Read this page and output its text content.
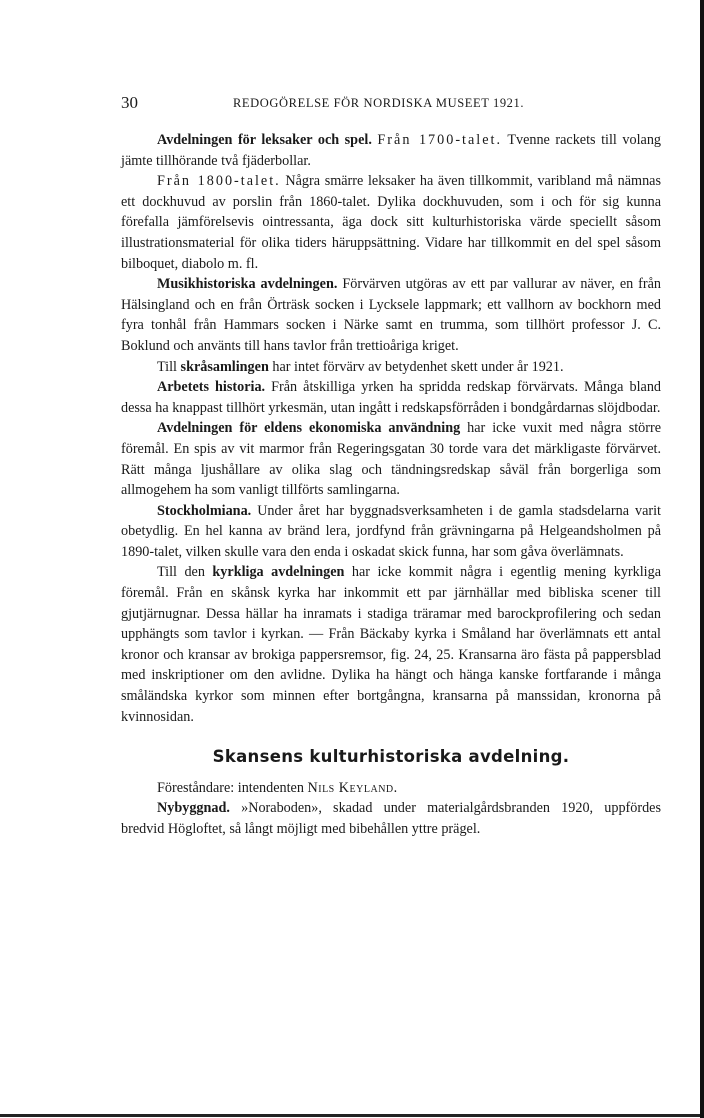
30	REDOGÖRELSE FÖR NORDISKA MUSEET 1921.

Avdelningen för leksaker och spel. Från 1700-talet. Tvenne rackets till volang jämte tillhörande två fjäderbollar.

Från 1800-talet. Några smärre leksaker ha även tillkommit, varibland må nämnas ett dockhuvud av porslin från 1860-talet. Dylika dockhuvuden, som i och för sig kunna förefalla jämförelsevis ointressanta, äga dock sitt kulturhistoriska värde speciellt såsom illustrationsmaterial för olika tiders häruppsättning. Vidare har tillkommit en del spel såsom bilboquet, diabolo m. fl.

Musikhistoriska avdelningen. Förvärven utgöras av ett par vallurar av näver, en från Hälsingland och en från Örträsk socken i Lycksele lappmark; ett vallhorn av bockhorn med fyra tonhål från Hammars socken i Närke samt en trumma, som tillhört professor J. C. Boklund och använts till hans tavlor från trettioåriga kriget.

Till skråsamlingen har intet förvärv av betydenhet skett under år 1921.

Arbetets historia. Från åtskilliga yrken ha spridda redskap förvärvats. Många bland dessa ha knappast tillhört yrkesmän, utan ingått i redskapsförråden i bondgårdarnas slöjdbodar.

Avdelningen för eldens ekonomiska användning har icke vuxit med några större föremål. En spis av vit marmor från Regeringsgatan 30 torde vara det märkligaste förvärvet. Rätt många ljushållare av olika slag och tändningsredskap såväl från borgerliga som allmogehem ha som vanligt tillförts samlingarna.

Stockholmiana. Under året har byggnadsverksamheten i de gamla stadsdelarna varit obetydlig. En hel kanna av bränd lera, jordfynd från grävningarna på Helgeandsholmen på 1890-talet, vilken skulle vara den enda i oskadat skick funna, har som gåva överlämnats.

Till den kyrkliga avdelningen har icke kommit några i egentlig mening kyrkliga föremål. Från en skånsk kyrka har inkommit ett par järnhällar med bibliska scener till gjutjärnugnar. Dessa hällar ha inramats i stadiga träramar med barockprofilering och sedan upphängts som tavlor i kyrkan. — Från Bäckaby kyrka i Småland har överlämnats ett antal kronor och kransar av brokiga pappersremsor, fig. 24, 25. Kransarna äro fästa på pappersblad med inskriptioner om den avlidne. Dylika ha hängt och hänga kanske fortfarande i många småländska kyrkor som minnen efter bortgångna, kransarna på manssidan, kronorna på kvinnosidan.

Skansens kulturhistoriska avdelning.

Föreståndare: intendenten Nils Keyland.

Nybyggnad. »Noraboden», skadad under materialgårdsbranden 1920, uppfördes bredvid Högloftet, så långt möjligt med bibehållen yttre prägel.
